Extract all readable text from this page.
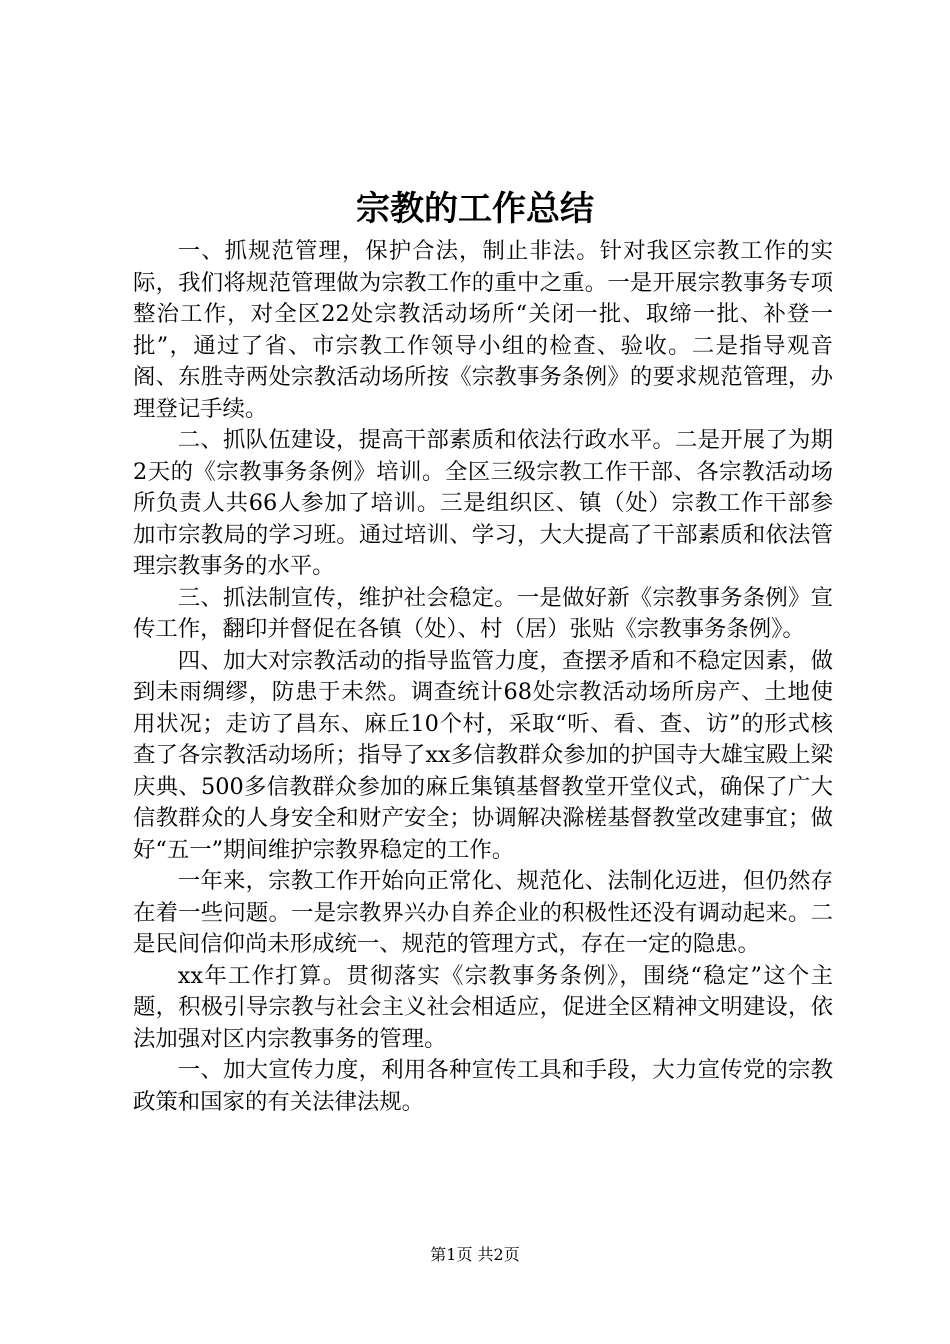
宗教的工作总结

一、抓规范管理，保护合法，制止非法。针对我区宗教工作的实际，我们将规范管理做为宗教工作的重中之重。一是开展宗教事务专项整治工作，对全区22处宗教活动场所“关闭一批、取缔一批、补登一批”，通过了省、市宗教工作领导小组的检查、验收。二是指导观音阁、东胜寺两处宗教活动场所按《宗教事务条例》的要求规范管理，办理登记手续。

二、抓队伍建设，提高干部素质和依法行政水平。二是开展了为期2天的《宗教事务条例》培训。全区三级宗教工作干部、各宗教活动场所负责人共66人参加了培训。三是组织区、镇（处）宗教工作干部参加市宗教局的学习班。通过培训、学习，大大提高了干部素质和依法管理宗教事务的水平。

三、抓法制宣传，维护社会稳定。一是做好新《宗教事务条例》宣传工作，翻印并督促在各镇（处）、村（居）张贴《宗教事务条例》。

四、加大对宗教活动的指导监管力度，查摆矛盾和不稳定因素，做到未雨绸缪，防患于未然。调查统计68处宗教活动场所房产、土地使用状况；走访了昌东、麻丘10个村，采取“听、看、查、访”的形式核查了各宗教活动场所；指导了xx多信教群众参加的护国寺大雄宝殿上梁庆典、500多信教群众参加的麻丘集镇基督教堂开堂仪式，确保了广大信教群众的人身安全和财产安全；协调解决滁槎基督教堂改建事宜；做好“五一”期间维护宗教界稳定的工作。

一年来，宗教工作开始向正常化、规范化、法制化迈进，但仍然存在着一些问题。一是宗教界兴办自养企业的积极性还没有调动起来。二是民间信仰尚未形成统一、规范的管理方式，存在一定的隐患。

xx年工作打算。贯彻落实《宗教事务条例》，围绕“稳定”这个主题，积极引导宗教与社会主义社会相适应，促进全区精神文明建设，依法加强对区内宗教事务的管理。

一、加大宣传力度，利用各种宣传工具和手段，大力宣传党的宗教政策和国家的有关法律法规。

第1页 共2页
